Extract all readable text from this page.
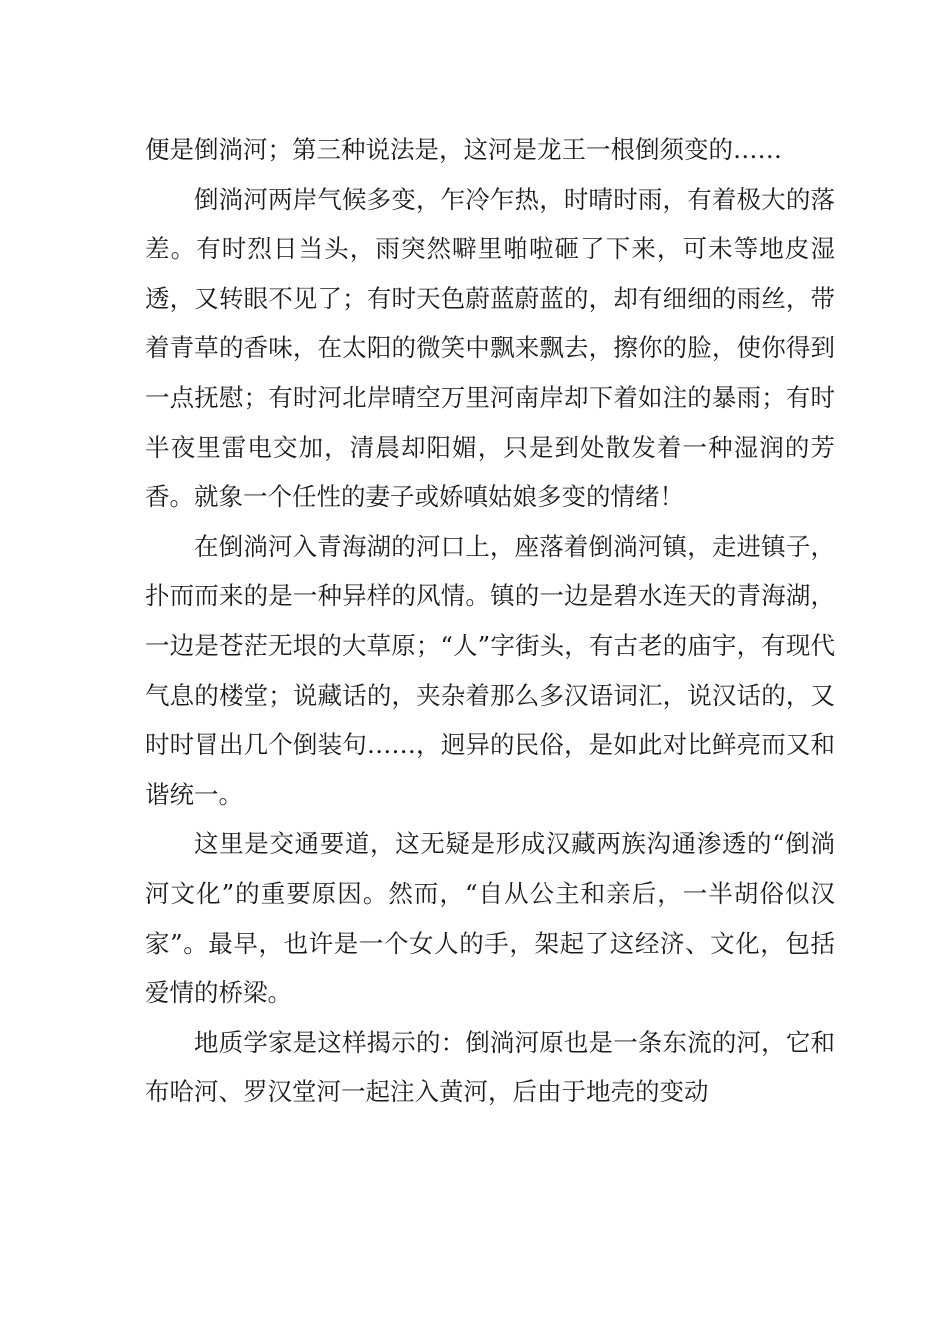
便是倒淌河；第三种说法是，这河是龙王一根倒须变的……

倒淌河两岸气候多变，乍冷乍热，时晴时雨，有着极大的落差。有时烈日当头，雨突然噼里啪啦砸了下来，可未等地皮湿透，又转眼不见了；有时天色蔚蓝蔚蓝的，却有细细的雨丝，带着青草的香味，在太阳的微笑中飘来飘去，擦你的脸，使你得到一点抚慰；有时河北岸晴空万里河南岸却下着如注的暴雨；有时半夜里雷电交加，清晨却阳媚，只是到处散发着一种湿润的芳香。就象一个任性的妻子或娇嗔姑娘多变的情绪！

在倒淌河入青海湖的河口上，座落着倒淌河镇，走进镇子，扑而而来的是一种异样的风情。镇的一边是碧水连天的青海湖，一边是苍茫无垠的大草原；“人”字街头，有古老的庙宇，有现代气息的楼堂；说藏话的，夹杂着那么多汉语词汇，说汉话的，又时时冒出几个倒装句……，迥异的民俗，是如此对比鲜亮而又和谐统一。

这里是交通要道，这无疑是形成汉藏两族沟通渗透的“倒淌河文化”的重要原因。然而，“自从公主和亲后，一半胡俗似汉家”。最早，也许是一个女人的手，架起了这经济、文化，包括爱情的桥梁。

地质学家是这样揭示的：倒淌河原也是一条东流的河，它和布哈河、罗汉堂河一起注入黄河，后由于地壳的变动
